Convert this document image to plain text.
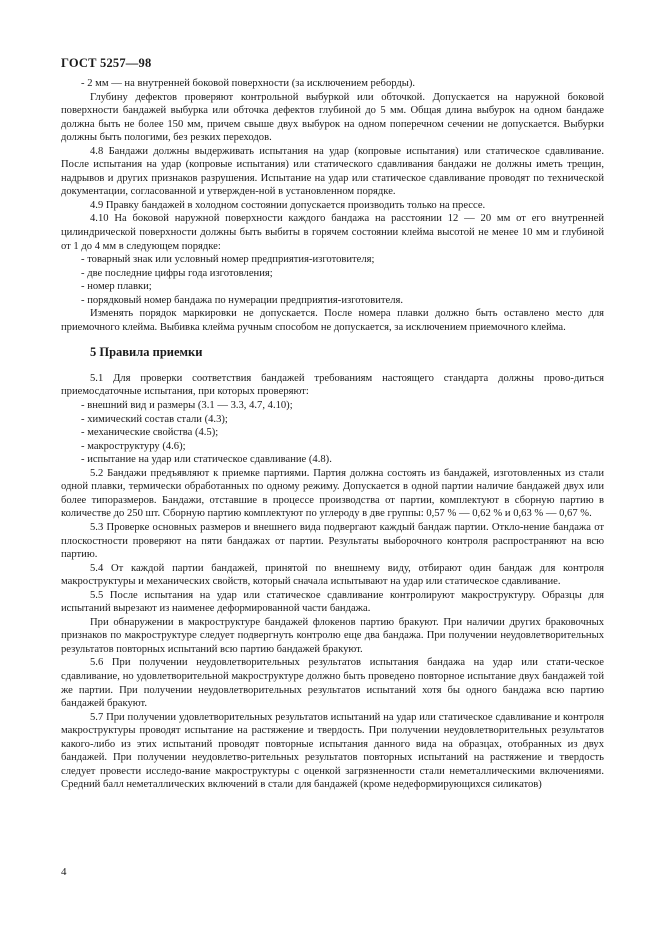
ГОСТ 5257—98

- 2 мм — на внутренней боковой поверхности (за исключением реборды).

Глубину дефектов проверяют контрольной выбуркой или обточкой. Допускается на наружной боковой поверхности бандажей выбурка или обточка дефектов глубиной до 5 мм. Общая длина выбурок на одном бандаже должна быть не более 150 мм, причем свыше двух выбурок на одном поперечном сечении не допускается. Выбурки должны быть пологими, без резких переходов.

4.8 Бандажи должны выдерживать испытания на удар (копровые испытания) или статическое сдавливание. После испытания на удар (копровые испытания) или статического сдавливания бандажи не должны иметь трещин, надрывов и других признаков разрушения. Испытание на удар или статическое сдавливание проводят по технической документации, согласованной и утвержден-ной в установленном порядке.

4.9 Правку бандажей в холодном состоянии допускается производить только на прессе.

4.10 На боковой наружной поверхности каждого бандажа на расстоянии 12 — 20 мм от его внутренней цилиндрической поверхности должны быть выбиты в горячем состоянии клейма высотой не менее 10 мм и глубиной от 1 до 4 мм в следующем порядке:

- товарный знак или условный номер предприятия-изготовителя;

- две последние цифры года изготовления;

- номер плавки;

- порядковый номер бандажа по нумерации предприятия-изготовителя.

Изменять порядок маркировки не допускается. После номера плавки должно быть оставлено место для приемочного клейма. Выбивка клейма ручным способом не допускается, за исключением приемочного клейма.

5 Правила приемки

5.1 Для проверки соответствия бандажей требованиям настоящего стандарта должны прово-диться приемосдаточные испытания, при которых проверяют:

- внешний вид и размеры (3.1 — 3.3, 4.7, 4.10);

- химический состав стали (4.3);

- механические свойства (4.5);

- макроструктуру (4.6);

- испытание на удар или статическое сдавливание (4.8).

5.2 Бандажи предъявляют к приемке партиями. Партия должна состоять из бандажей, изготовленных из стали одной плавки, термически обработанных по одному режиму. Допускается в одной партии наличие бандажей двух или более типоразмеров. Бандажи, отставшие в процессе производства от партии, комплектуют в сборную партию в количестве до 250 шт. Сборную партию комплектуют по углероду в две группы: 0,57 % — 0,62 % и 0,63 % — 0,67 %.

5.3 Проверке основных размеров и внешнего вида подвергают каждый бандаж партии. Откло-нение бандажа от плоскостности проверяют на пяти бандажах от партии. Результаты выборочного контроля распространяют на всю партию.

5.4 От каждой партии бандажей, принятой по внешнему виду, отбирают один бандаж для контроля макроструктуры и механических свойств, который сначала испытывают на удар или статическое сдавливание.

5.5 После испытания на удар или статическое сдавливание контролируют макроструктуру. Образцы для испытаний вырезают из наименее деформированной части бандажа.

При обнаружении в макроструктуре бандажей флокенов партию бракуют. При наличии других браковочных признаков по макроструктуре следует подвергнуть контролю еще два бандажа. При получении неудовлетворительных результатов повторных испытаний всю партию бандажей бракуют.

5.6 При получении неудовлетворительных результатов испытания бандажа на удар или стати-ческое сдавливание, но удовлетворительной макроструктуре должно быть проведено повторное испытание двух бандажей той же партии. При получении неудовлетворительных результатов испытаний хотя бы одного бандажа всю партию бандажей бракуют.

5.7 При получении удовлетворительных результатов испытаний на удар или статическое сдавливание и контроля макроструктуры проводят испытание на растяжение и твердость. При получении неудовлетворительных результатов какого-либо из этих испытаний проводят повторные испытания данного вида на образцах, отобранных из двух бандажей. При получении неудовлетво-рительных результатов повторных испытаний на растяжение и твердость следует провести исследо-вание макроструктуры с оценкой загрязненности стали неметаллическими включениями. Средний балл неметаллических включений в стали для бандажей (кроме недеформирующихся силикатов)

4
